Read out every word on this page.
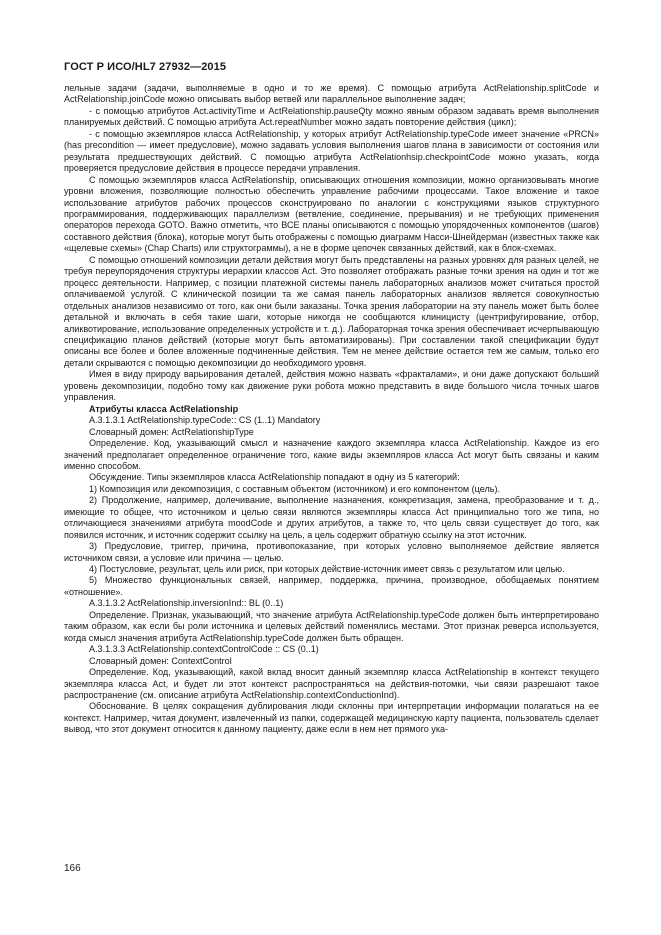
ГОСТ Р ИСО/HL7 27932—2015

лельные задачи (задачи, выполняемые в одно и то же время). С помощью атрибута ActRelationship.splitCode и ActRelationship.joinCode можно описывать выбор ветвей или параллельное выполнение задач;

- с помощью атрибутов Act.activityTime и ActRelationship.pauseQty можно явным образом задавать время выполнения планируемых действий. С помощью атрибута Act.repeatNumber можно задать повторение действия (цикл);

- с помощью экземпляров класса ActRelationship, у которых атрибут ActRelationship.typeCode имеет значение «PRCN» (has precondition — имеет предусловие), можно задавать условия выполнения шагов плана в зависимости от состояния или результата предшествующих действий. С помощью атрибута ActRelationhsip.checkpointCode можно указать, когда проверяется предусловие действия в процессе передачи управления.

С помощью экземпляров класса ActRelationship, описывающих отношения композиции, можно организовывать многие уровни вложения, позволяющие полностью обеспечить управление рабочими процессами. Такое вложение и такое использование атрибутов рабочих процессов сконструировано по аналогии с конструкциями языков структурного программирования, поддерживающих параллелизм (ветвление, соединение, прерывания) и не требующих применения операторов перехода GOTO. Важно отметить, что ВСЕ планы описываются с помощью упорядоченных компонентов (шагов) составного действия (блока), которые могут быть отображены с помощью диаграмм Насси-Шнейдерман (известных также как «щелевые схемы» (Chap Charts) или структограммы), а не в форме цепочек связанных действий, как в блок-схемах.

С помощью отношений композиции детали действия могут быть представлены на разных уровнях для разных целей, не требуя переупорядочения структуры иерархии классов Act. Это позволяет отображать разные точки зрения на один и тот же процесс деятельности. Например, с позиции платежной системы панель лабораторных анализов может считаться простой оплачиваемой услугой. С клинической позиции та же самая панель лабораторных анализов является совокупностью отдельных анализов независимо от того, как они были заказаны. Точка зрения лаборатории на эту панель может быть более детальной и включать в себя такие шаги, которые никогда не сообщаются клиницисту (центрифугирование, отбор, аликвотирование, использование определенных устройств и т. д.). Лабораторная точка зрения обеспечивает исчерпывающую спецификацию планов действий (которые могут быть автоматизированы). При составлении такой спецификации будут описаны все более и более вложенные подчиненные действия. Тем не менее действие остается тем же самым, только его детали скрываются с помощью декомпозиции до необходимого уровня.

Имея в виду природу варьирования деталей, действия можно назвать «фракталами», и они даже допускают больший уровень декомпозиции, подобно тому как движение руки робота можно представить в виде большого числа точных шагов управления.

Атрибуты класса ActRelationship

A.3.1.3.1 ActRelationship.typeCode:: CS (1..1) Mandatory

Словарный домен: ActRelationshipType

Определение. Код, указывающий смысл и назначение каждого экземпляра класса ActRelationship. Каждое из его значений предполагает определенное ограничение того, какие виды экземпляров класса Act могут быть связаны и каким именно способом.

Обсуждение. Типы экземпляров класса ActRelationship попадают в одну из 5 категорий:

1) Композиция или декомпозиция, с составным объектом (источником) и его компонентом (цель).

2) Продолжение, например, долечивание, выполнение назначения, конкретизация, замена, преобразование и т. д., имеющие то общее, что источником и целью связи являются экземпляры класса Act принципиально того же типа, но отличающиеся значениями атрибута moodCode и других атрибутов, а также то, что цель связи существует до того, как появился источник, и источник содержит ссылку на цель, а цель содержит обратную ссылку на этот источник.

3) Предусловие, триггер, причина, противопоказание, при которых условно выполняемое действие является источником связи, а условие или причина — целью.

4) Постусловие, результат, цель или риск, при которых действие-источник имеет связь с результатом или целью.

5) Множество функциональных связей, например, поддержка, причина, производное, обобщаемых понятием «отношение».

A.3.1.3.2 ActRelationship.inversionInd:: BL (0..1)

Определение. Признак, указывающий, что значение атрибута ActRelationship.typeCode должен быть интерпретировано таким образом, как если бы роли источника и целевых действий поменялись местами. Этот признак реверса используется, когда смысл значения атрибута ActRelationship.typeCode должен быть обращен.

A.3.1.3.3 ActRelationship.contextControlCode :: CS (0..1)

Словарный домен: ContextControl

Определение. Код, указывающий, какой вклад вносит данный экземпляр класса ActRelationship в контекст текущего экземпляра класса Act, и будет ли этот контекст распространяться на действия-потомки, чьи связи разрешают такое распространение (см. описание атрибута ActRelationship.contextConductionInd).

Обоснование. В целях сокращения дублирования люди склонны при интерпретации информации полагаться на ее контекст. Например, читая документ, извлеченный из папки, содержащей медицинскую карту пациента, пользователь сделает вывод, что этот документ относится к данному пациенту, даже если в нем нет прямого ука-

166
